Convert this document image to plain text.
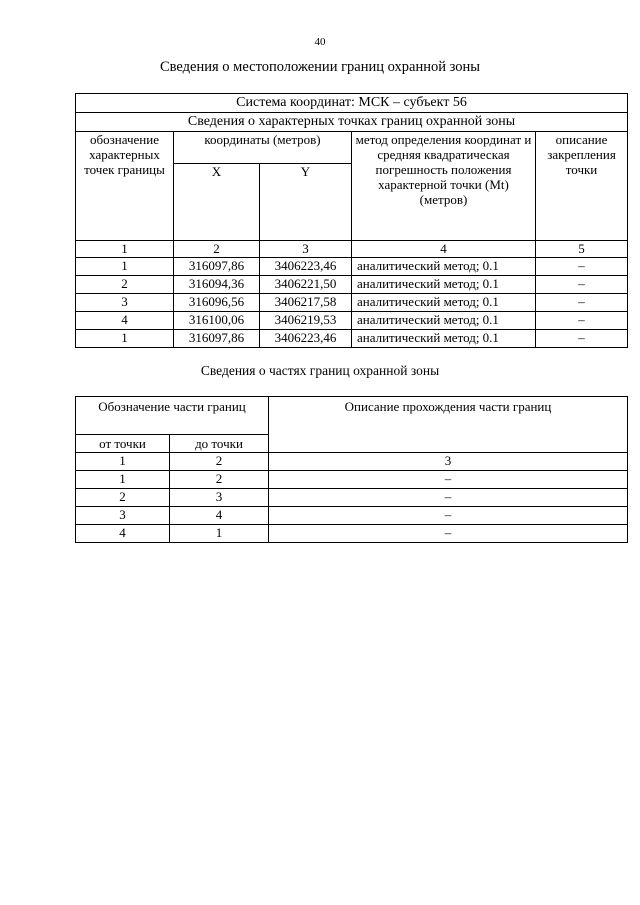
40
Сведения о местоположении границ охранной зоны
Система координат: МСК – субъект 56				
Сведения о характерных точках границ охранной зоны				
обозначение характерных точек границы	координаты (метров)		метод определения координат и средняя квадратическая погрешность положения характерной точки (Mt) (метров)	описание закрепления точки
	X	Y		
1	2	3	4	5
1	316097,86	3406223,46	аналитический метод; 0.1	–
2	316094,36	3406221,50	аналитический метод; 0.1	–
3	316096,56	3406217,58	аналитический метод; 0.1	–
4	316100,06	3406219,53	аналитический метод; 0.1	–
1	316097,86	3406223,46	аналитический метод; 0.1	–
Сведения о частях границ охранной зоны
Обозначение части границ		Описание прохождения части границ
от точки	до точки	
1	2	3
1	2	–
2	3	–
3	4	–
4	1	–
